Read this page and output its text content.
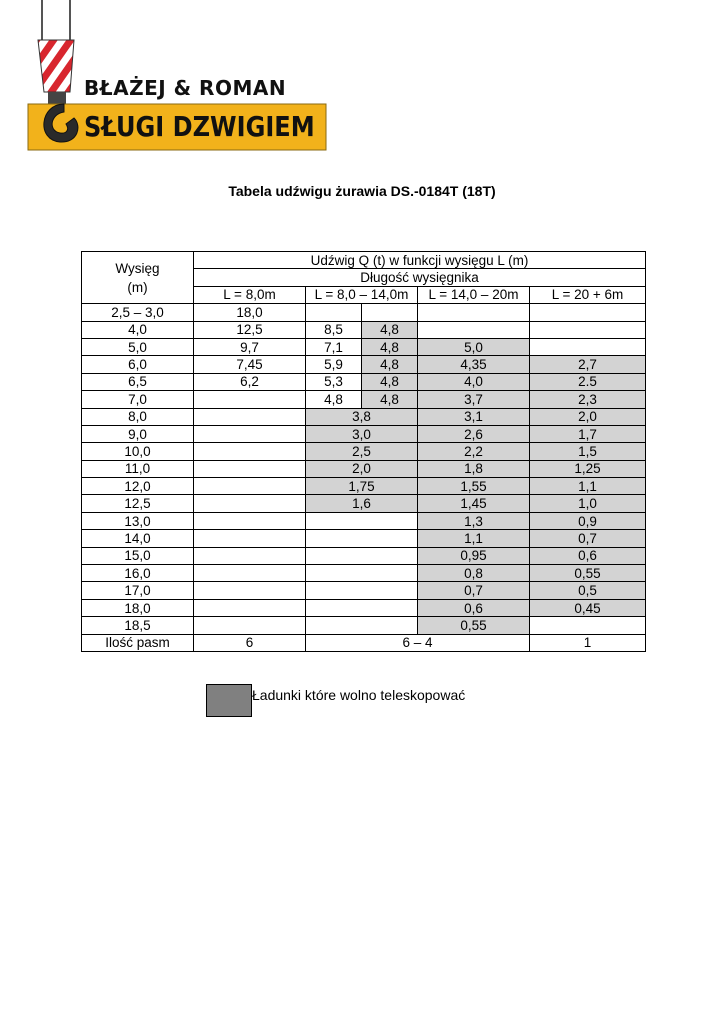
BŁAŻEJ & ROMAN
SŁUGI DZWIGIEM
Tabela udźwigu żurawia DS.-0184T (18T)
Wysięg
(m)	Udźwig Q (t) w funkcji wysięgu L (m)				
	Długość wysięgnika				
	L = 8,0m	L = 8,0 – 14,0m		L = 14,0 – 20m	L = 20 + 6m
2,5 – 3,0	18,0				
4,0	12,5	8,5	4,8		
5,0	9,7	7,1	4,8	5,0	
6,0	7,45	5,9	4,8	4,35	2,7
6,5	6,2	5,3	4,8	4,0	2.5
7,0		4,8	4,8	3,7	2,3
8,0		3,8		3,1	2,0
9,0		3,0		2,6	1,7
10,0		2,5		2,2	1,5
11,0		2,0		1,8	1,25
12,0		1,75		1,55	1,1
12,5		1,6		1,45	1,0
13,0				1,3	0,9
14,0				1,1	0,7
15,0				0,95	0,6
16,0				0,8	0,55
17,0				0,7	0,5
18,0				0,6	0,45
18,5				0,55	
Ilość pasm	6	6 – 4			1
Ładunki które wolno teleskopować
